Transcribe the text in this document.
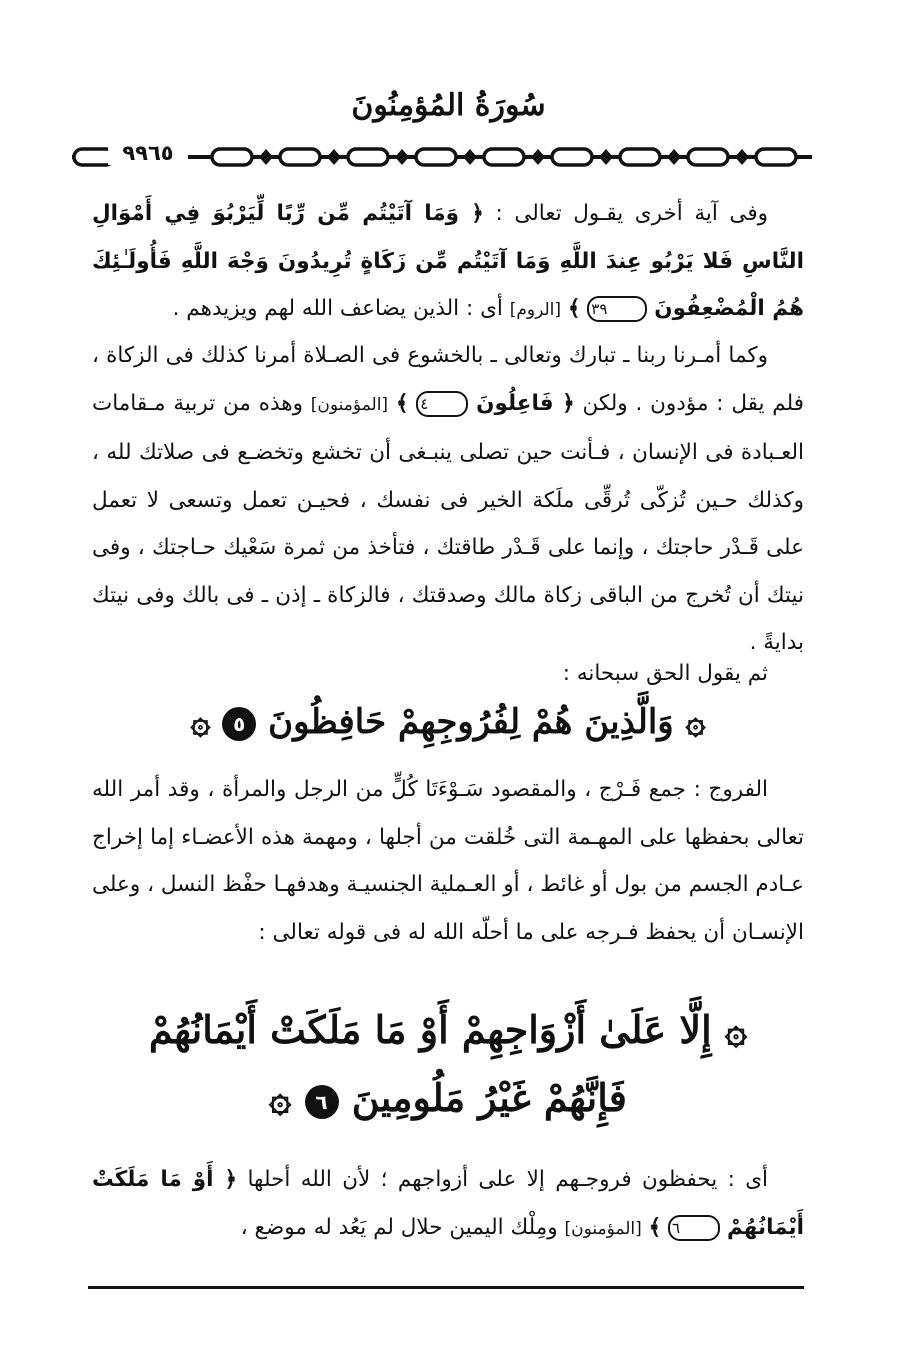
سُورَةُ المُؤمِنُونَ
٩٩٦٥

وفى آية أخرى يقـول تعالى : ﴿ وَمَا آتَيْتُم مِّن رِّبًا لِّيَرْبُوَ فِي أَمْوَالِ النَّاسِ فَلا يَرْبُو عِندَ اللَّهِ وَمَا آتَيْتُم مِّن زَكَاةٍ تُرِيدُونَ وَجْهَ اللَّهِ فَأُولَـٰئِكَ هُمُ الْمُضْعِفُونَ ٣٩ ﴾ [الروم] أى : الذين يضاعف الله لهم ويزيدهم .

وكما أمـرنا ربنا ـ تبارك وتعالى ـ بالخشوع فى الصـلاة أمرنا كذلك فى الزكاة ، فلم يقل : مؤدون . ولكن ﴿ فَاعِلُونَ ٤ ﴾ [المؤمنون] وهذه من تربية مـقامات العـبادة فى الإنسان ، فـأنت حين تصلى ينبـغى أن تخشع وتخضـع فى صلاتك لله ، وكذلك حـين تُزكّى تُرقِّى ملَكة الخير فى نفسك ، فحيـن تعمل وتسعى لا تعمل على قَـدْر حاجتك ، وإنما على قَـدْر طاقتك ، فتأخذ من ثمرة سَعْيك حـاجتك ، وفى نيتك أن تُخرج من الباقى زكاة مالك وصدقتك ، فالزكاة ـ إذن ـ فى بالك وفى نيتك بدايةً .

ثم يقول الحق سبحانه :

۞ وَالَّذِينَ هُمْ لِفُرُوجِهِمْ حَافِظُونَ ٥ ۞

الفروج : جمع فَـرْج ، والمقصود سَـوْءَتَا كُلٍّ من الرجل والمرأة ، وقد أمر الله تعالى بحفظها على المهـمة التى خُلقت من أجلها ، ومهمة هذه الأعضـاء إما إخراج عـادم الجسم من بول أو غائط ، أو العـملية الجنسيـة وهدفهـا حفْظ النسل ، وعلى الإنسـان أن يحفظ فـرجه على ما أحلّه الله له فى قوله تعالى :

۞ إِلَّا عَلَىٰ أَزْوَاجِهِمْ أَوْ مَا مَلَكَتْ أَيْمَانُهُمْ
فَإِنَّهُمْ غَيْرُ مَلُومِينَ ٦ ۞

أى : يحفظون فروجـهم إلا على أزواجهم ؛ لأن الله أحلها ﴿ أَوْ مَا مَلَكَتْ أَيْمَانُهُمْ ٦ ﴾ [المؤمنون] ومِلْك اليمين حلال لم يَعُد له موضع ،
